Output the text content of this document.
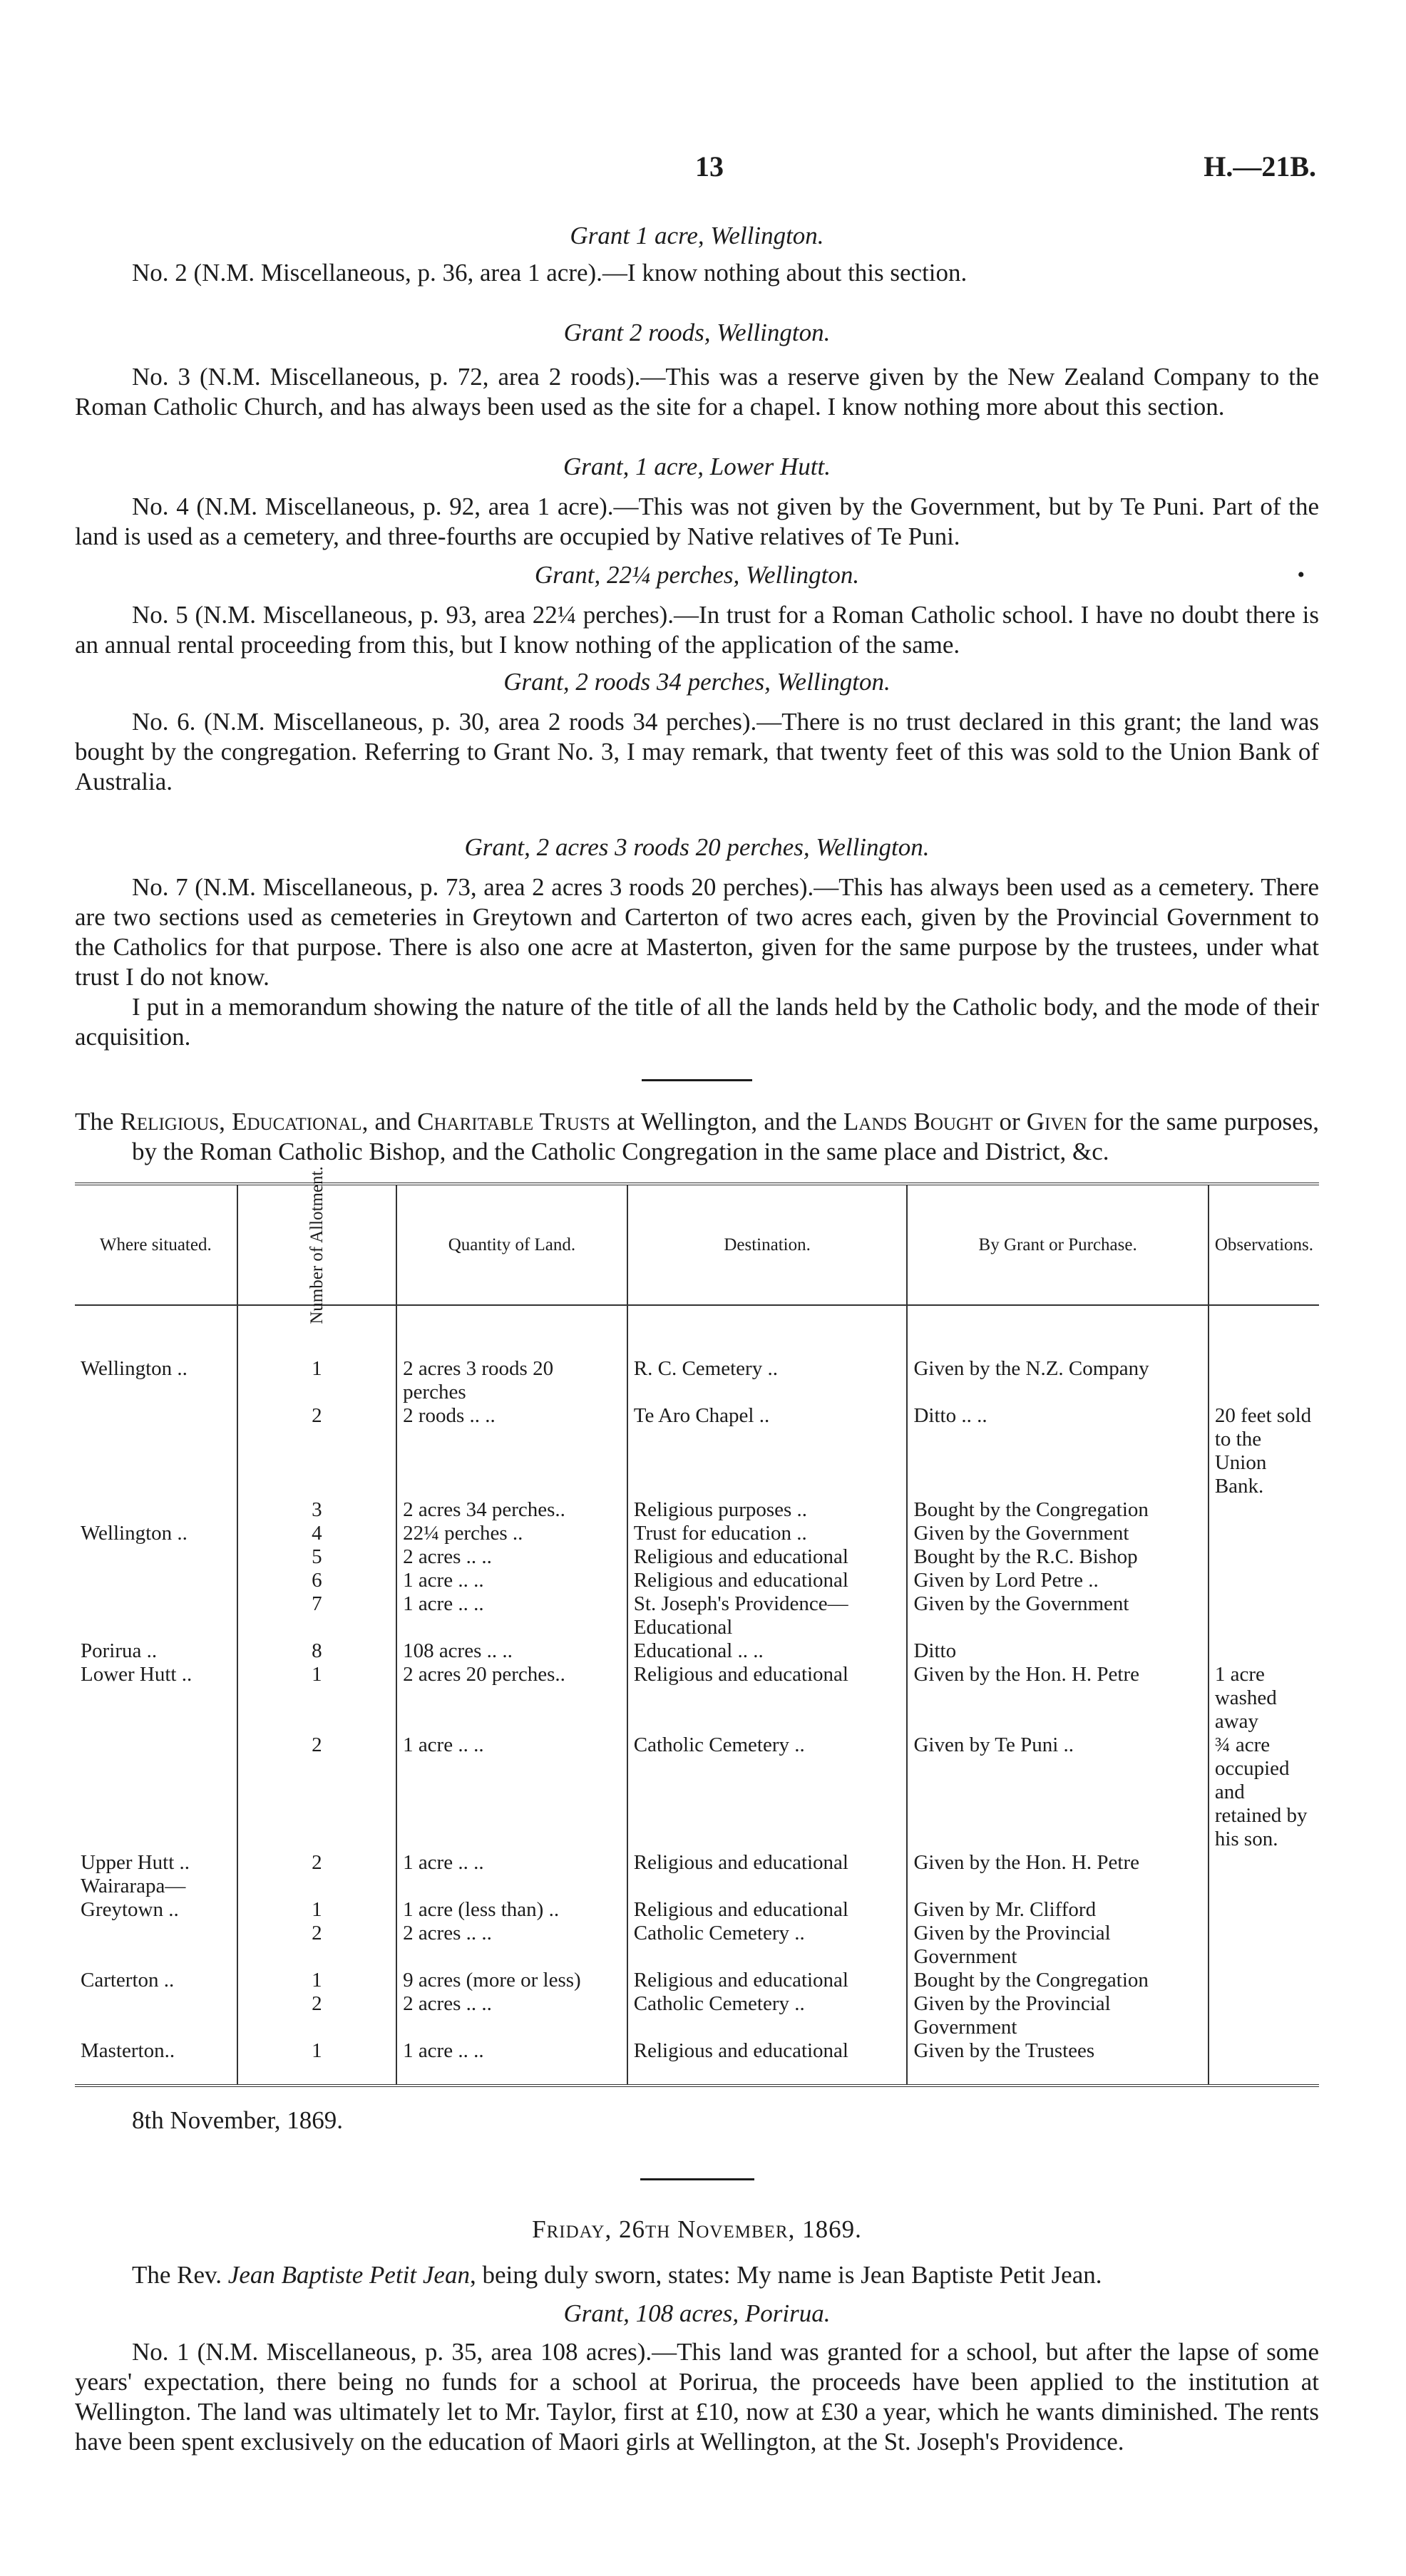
13	H.—21B.
Grant 1 acre, Wellington.

No. 2 (N.M. Miscellaneous, p. 36, area 1 acre).—I know nothing about this section.

Grant 2 roods, Wellington.

No. 3 (N.M. Miscellaneous, p. 72, area 2 roods).—This was a reserve given by the New Zealand Company to the Roman Catholic Church, and has always been used as the site for a chapel. I know nothing more about this section.

Grant, 1 acre, Lower Hutt.

No. 4 (N.M. Miscellaneous, p. 92, area 1 acre).—This was not given by the Government, but by Te Puni. Part of the land is used as a cemetery, and three-fourths are occupied by Native relatives of Te Puni.

Grant, 22¼ perches, Wellington.	•

No. 5 (N.M. Miscellaneous, p. 93, area 22¼ perches).—In trust for a Roman Catholic school. I have no doubt there is an annual rental proceeding from this, but I know nothing of the application of the same.

Grant, 2 roods 34 perches, Wellington.

No. 6. (N.M. Miscellaneous, p. 30, area 2 roods 34 perches).—There is no trust declared in this grant; the land was bought by the congregation. Referring to Grant No. 3, I may remark, that twenty feet of this was sold to the Union Bank of Australia.

Grant, 2 acres 3 roods 20 perches, Wellington.

No. 7 (N.M. Miscellaneous, p. 73, area 2 acres 3 roods 20 perches).—This has always been used as a cemetery. There are two sections used as cemeteries in Greytown and Carterton of two acres each, given by the Provincial Government to the Catholics for that purpose. There is also one acre at Masterton, given for the same purpose by the trustees, under what trust I do not know.

I put in a memorandum showing the nature of the title of all the lands held by the Catholic body, and the mode of their acquisition.

The Religious, Educational, and Charitable Trusts at Wellington, and the Lands Bought or Given for the same purposes, by the Roman Catholic Bishop, and the Catholic Congregation in the same place and District, &c.

Where situated.	Number of Allotment.	Quantity of Land.	Destination.	By Grant or Purchase.	Observations.
Wellington ..	1	2 acres 3 roods 20 perches	R. C. Cemetery ..	Given by the N.Z. Company	
	2	2 roods .. ..	Te Aro Chapel ..	Ditto .. ..	20 feet sold to the Union Bank.
	3	2 acres 34 perches..	Religious purposes ..	Bought by the Congregation	
Wellington ..	4	22¼ perches ..	Trust for education ..	Given by the Government	
	5	2 acres .. ..	Religious and educational	Bought by the R.C. Bishop	
	6	1 acre .. ..	Religious and educational	Given by Lord Petre ..	
	7	1 acre .. ..	St. Joseph's Providence—Educational	Given by the Government	
Porirua ..	8	108 acres .. ..	Educational .. ..	Ditto	
Lower Hutt ..	1	2 acres 20 perches..	Religious and educational	Given by the Hon. H. Petre	1 acre washed away
	2	1 acre .. ..	Catholic Cemetery ..	Given by Te Puni ..	¾ acre occupied and retained by his son.
Upper Hutt ..	2	1 acre .. ..	Religious and educational	Given by the Hon. H. Petre	
Wairarapa—					
Greytown ..	1	1 acre (less than) ..	Religious and educational	Given by Mr. Clifford	
	2	2 acres .. ..	Catholic Cemetery ..	Given by the Provincial Government	
Carterton ..	1	9 acres (more or less)	Religious and educational	Bought by the Congregation	
	2	2 acres .. ..	Catholic Cemetery ..	Given by the Provincial Government	
Masterton..	1	1 acre .. ..	Religious and educational	Given by the Trustees	

8th November, 1869.

Friday, 26th November, 1869.

The Rev. Jean Baptiste Petit Jean, being duly sworn, states: My name is Jean Baptiste Petit Jean.

Grant, 108 acres, Porirua.

No. 1 (N.M. Miscellaneous, p. 35, area 108 acres).—This land was granted for a school, but after the lapse of some years' expectation, there being no funds for a school at Porirua, the proceeds have been applied to the institution at Wellington. The land was ultimately let to Mr. Taylor, first at £10, now at £30 a year, which he wants diminished. The rents have been spent exclusively on the education of Maori girls at Wellington, at the St. Joseph's Providence.
